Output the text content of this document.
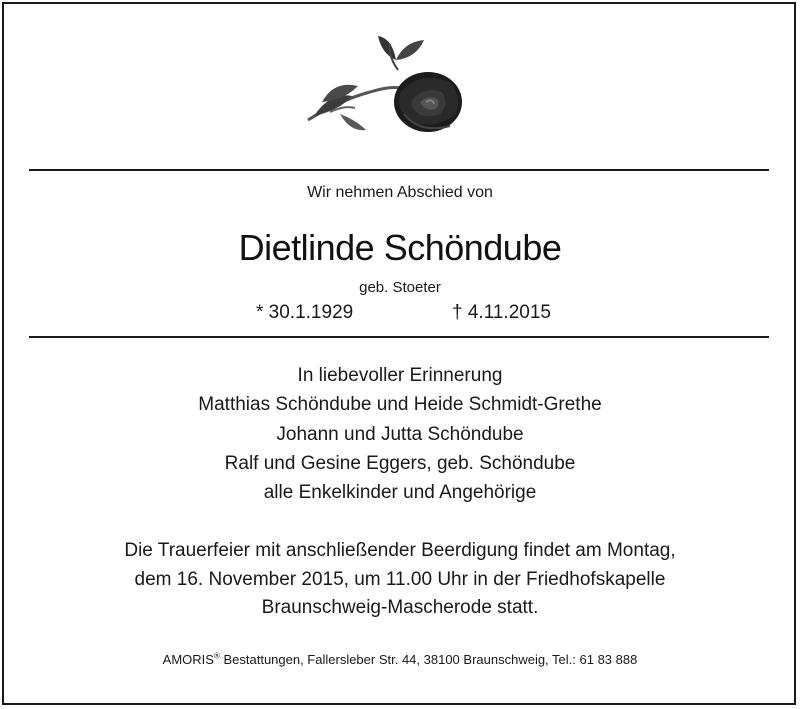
Wir nehmen Abschied von
Dietlinde Schöndube
geb. Stoeter
* 30.1.1929	† 4.11.2015
In liebevoller Erinnerung
Matthias Schöndube und Heide Schmidt-Grethe
Johann und Jutta Schöndube
Ralf und Gesine Eggers, geb. Schöndube
alle Enkelkinder und Angehörige
Die Trauerfeier mit anschließender Beerdigung findet am Montag,
dem 16. November 2015, um 11.00 Uhr in der Friedhofskapelle
Braunschweig-Mascherode statt.
AMORIS® Bestattungen, Fallersleber Str. 44, 38100 Braunschweig, Tel.: 61 83 888
